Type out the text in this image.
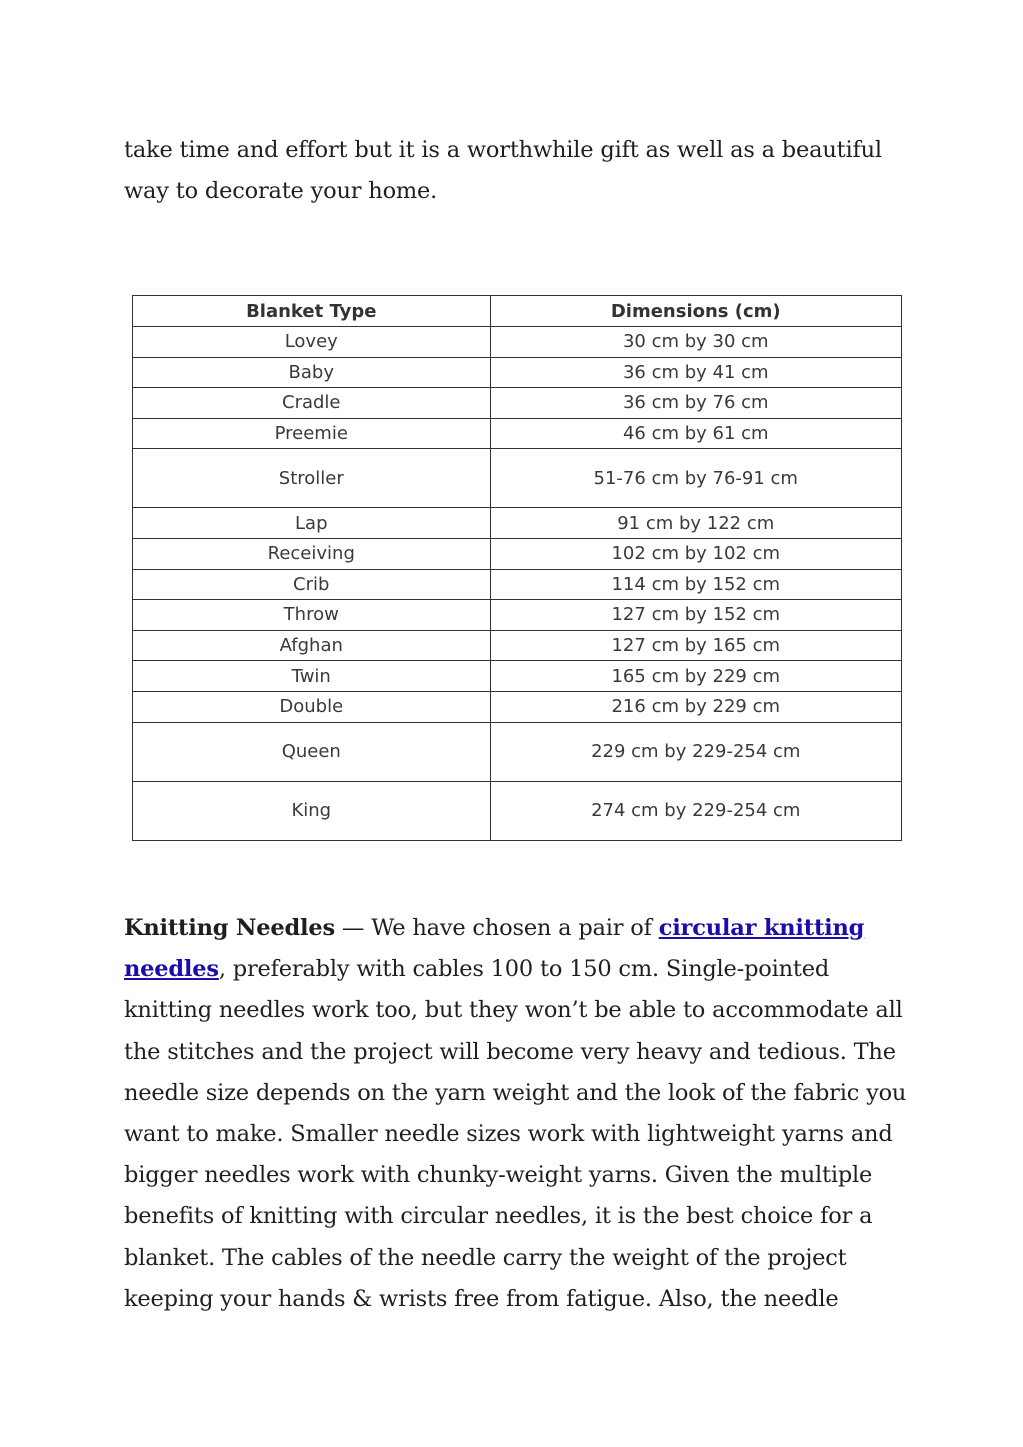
take time and effort but it is a worthwhile gift as well as a beautiful way to decorate your home.

Blanket Type	Dimensions (cm)
Lovey	30 cm by 30 cm
Baby	36 cm by 41 cm
Cradle	36 cm by 76 cm
Preemie	46 cm by 61 cm
Stroller	51-76 cm by 76-91 cm
Lap	91 cm by 122 cm
Receiving	102 cm by 102 cm
Crib	114 cm by 152 cm
Throw	127 cm by 152 cm
Afghan	127 cm by 165 cm
Twin	165 cm by 229 cm
Double	216 cm by 229 cm
Queen	229 cm by 229-254 cm
King	274 cm by 229-254 cm

Knitting Needles — We have chosen a pair of circular knitting needles, preferably with cables 100 to 150 cm. Single-pointed knitting needles work too, but they won’t be able to accommodate all the stitches and the project will become very heavy and tedious. The needle size depends on the yarn weight and the look of the fabric you want to make. Smaller needle sizes work with lightweight yarns and bigger needles work with chunky-weight yarns. Given the multiple benefits of knitting with circular needles, it is the best choice for a blanket. The cables of the needle carry the weight of the project keeping your hands & wrists free from fatigue. Also, the needle
